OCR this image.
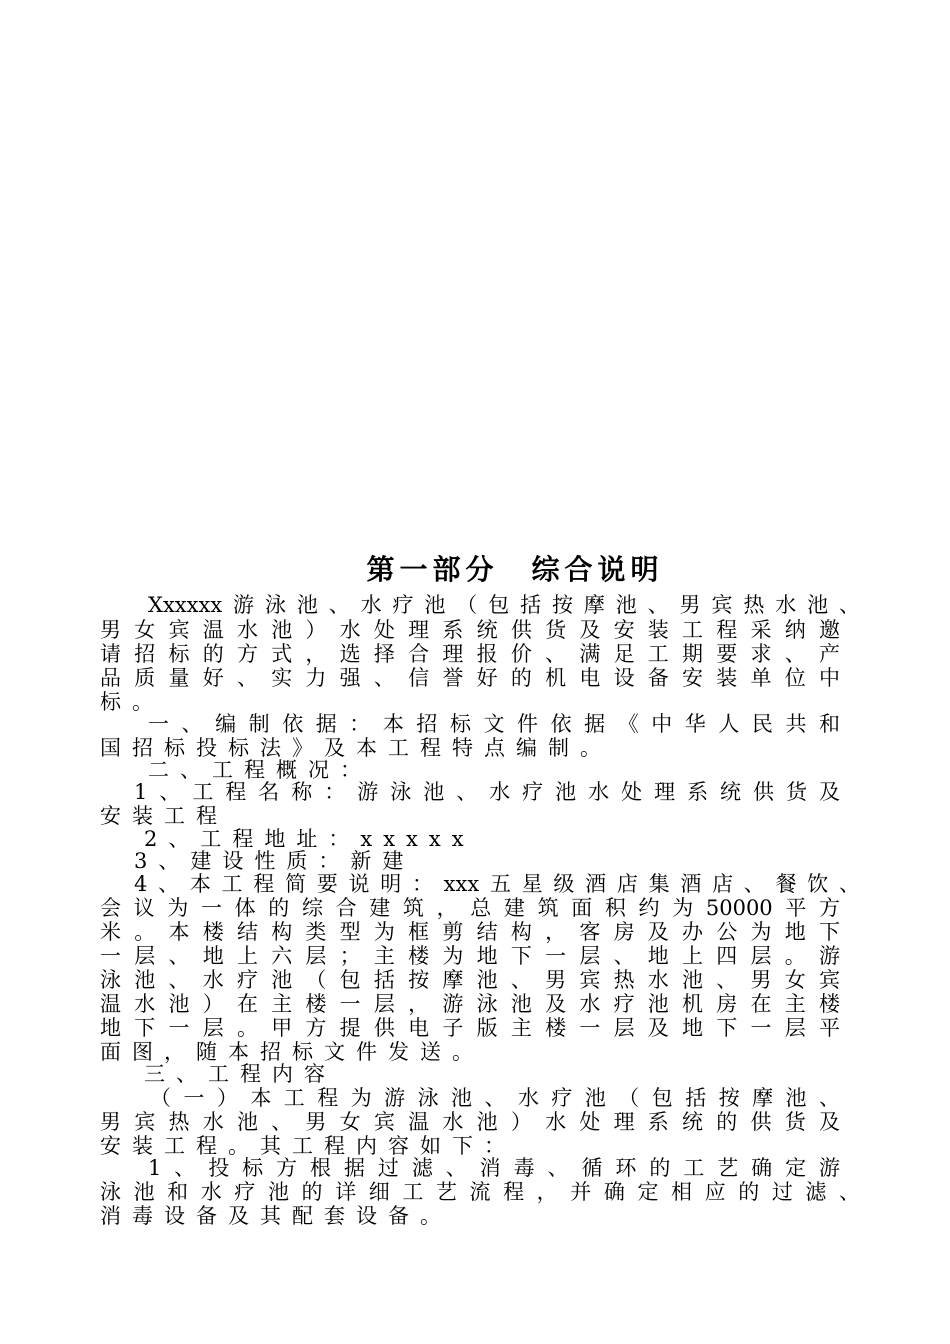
第一部分　综合说明
Xxxxxx游泳池、水疗池（包括按摩池、男宾热水池、
男女宾温水池）水处理系统供货及安装工程采纳邀
请招标的方式，选择合理报价、满足工期要求、产
品质量好、实力强、信誉好的机电设备安装单位中
标。
一、编制依据：本招标文件依据《中华人民共和
国招标投标法》及本工程特点编制。
二、工程概况：
1、工程名称：游泳池、水疗池水处理系统供货及
安装工程
2、工程地址：xxxxx
3、建设性质：新建
4、本工程简要说明：xxx五星级酒店集酒店、餐饮、
会议为一体的综合建筑，总建筑面积约为50000平方
米。本楼结构类型为框剪结构，客房及办公为地下
一层、地上六层；主楼为地下一层、地上四层。游
泳池、水疗池（包括按摩池、男宾热水池、男女宾
温水池）在主楼一层，游泳池及水疗池机房在主楼
地下一层。甲方提供电子版主楼一层及地下一层平
面图，随本招标文件发送。
三、工程内容
（一）本工程为游泳池、水疗池（包括按摩池、
男宾热水池、男女宾温水池）水处理系统的供货及
安装工程。其工程内容如下：
1、投标方根据过滤、消毒、循环的工艺确定游
泳池和水疗池的详细工艺流程，并确定相应的过滤、
消毒设备及其配套设备。
